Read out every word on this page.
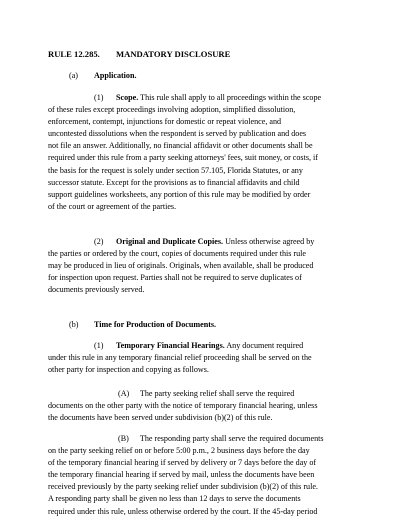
RULE 12.285. MANDATORY DISCLOSURE
(a) Application.
(1) Scope. This rule shall apply to all proceedings within the scope
of these rules except proceedings involving adoption, simplified dissolution,
enforcement, contempt, injunctions for domestic or repeat violence, and
uncontested dissolutions when the respondent is served by publication and does
not file an answer. Additionally, no financial affidavit or other documents shall be
required under this rule from a party seeking attorneys' fees, suit money, or costs, if
the basis for the request is solely under section 57.105, Florida Statutes, or any
successor statute. Except for the provisions as to financial affidavits and child
support guidelines worksheets, any portion of this rule may be modified by order
of the court or agreement of the parties.
(2) Original and Duplicate Copies. Unless otherwise agreed by
the parties or ordered by the court, copies of documents required under this rule
may be produced in lieu of originals. Originals, when available, shall be produced
for inspection upon request. Parties shall not be required to serve duplicates of
documents previously served.
(b) Time for Production of Documents.
(1) Temporary Financial Hearings. Any document required
under this rule in any temporary financial relief proceeding shall be served on the
other party for inspection and copying as follows.
(A) The party seeking relief shall serve the required
documents on the other party with the notice of temporary financial hearing, unless
the documents have been served under subdivision (b)(2) of this rule.
(B) The responding party shall serve the required documents
on the party seeking relief on or before 5:00 p.m., 2 business days before the day
of the temporary financial hearing if served by delivery or 7 days before the day of
the temporary financial hearing if served by mail, unless the documents have been
received previously by the party seeking relief under subdivision (b)(2) of this rule.
A responding party shall be given no less than 12 days to serve the documents
required under this rule, unless otherwise ordered by the court. If the 45-day period
